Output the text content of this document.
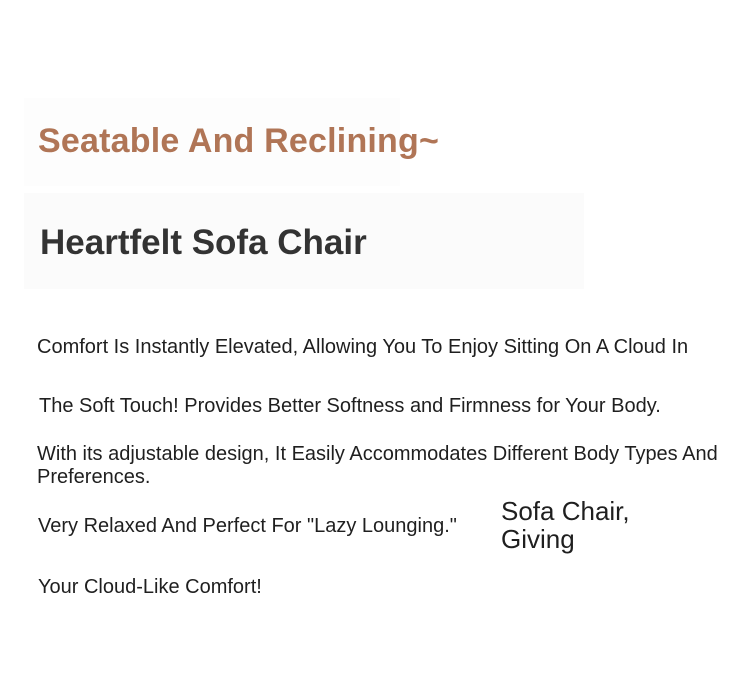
Seatable And Reclining~
Heartfelt Sofa Chair
Comfort Is Instantly Elevated, Allowing You To Enjoy Sitting On A Cloud In
The Soft Touch! Provides Better Softness and Firmness for Your Body.
With its adjustable design, It Easily Accommodates Different Body Types And Preferences.
Very Relaxed And Perfect For "Lazy Lounging." Sofa Chair, Giving
Your Cloud-Like Comfort!
